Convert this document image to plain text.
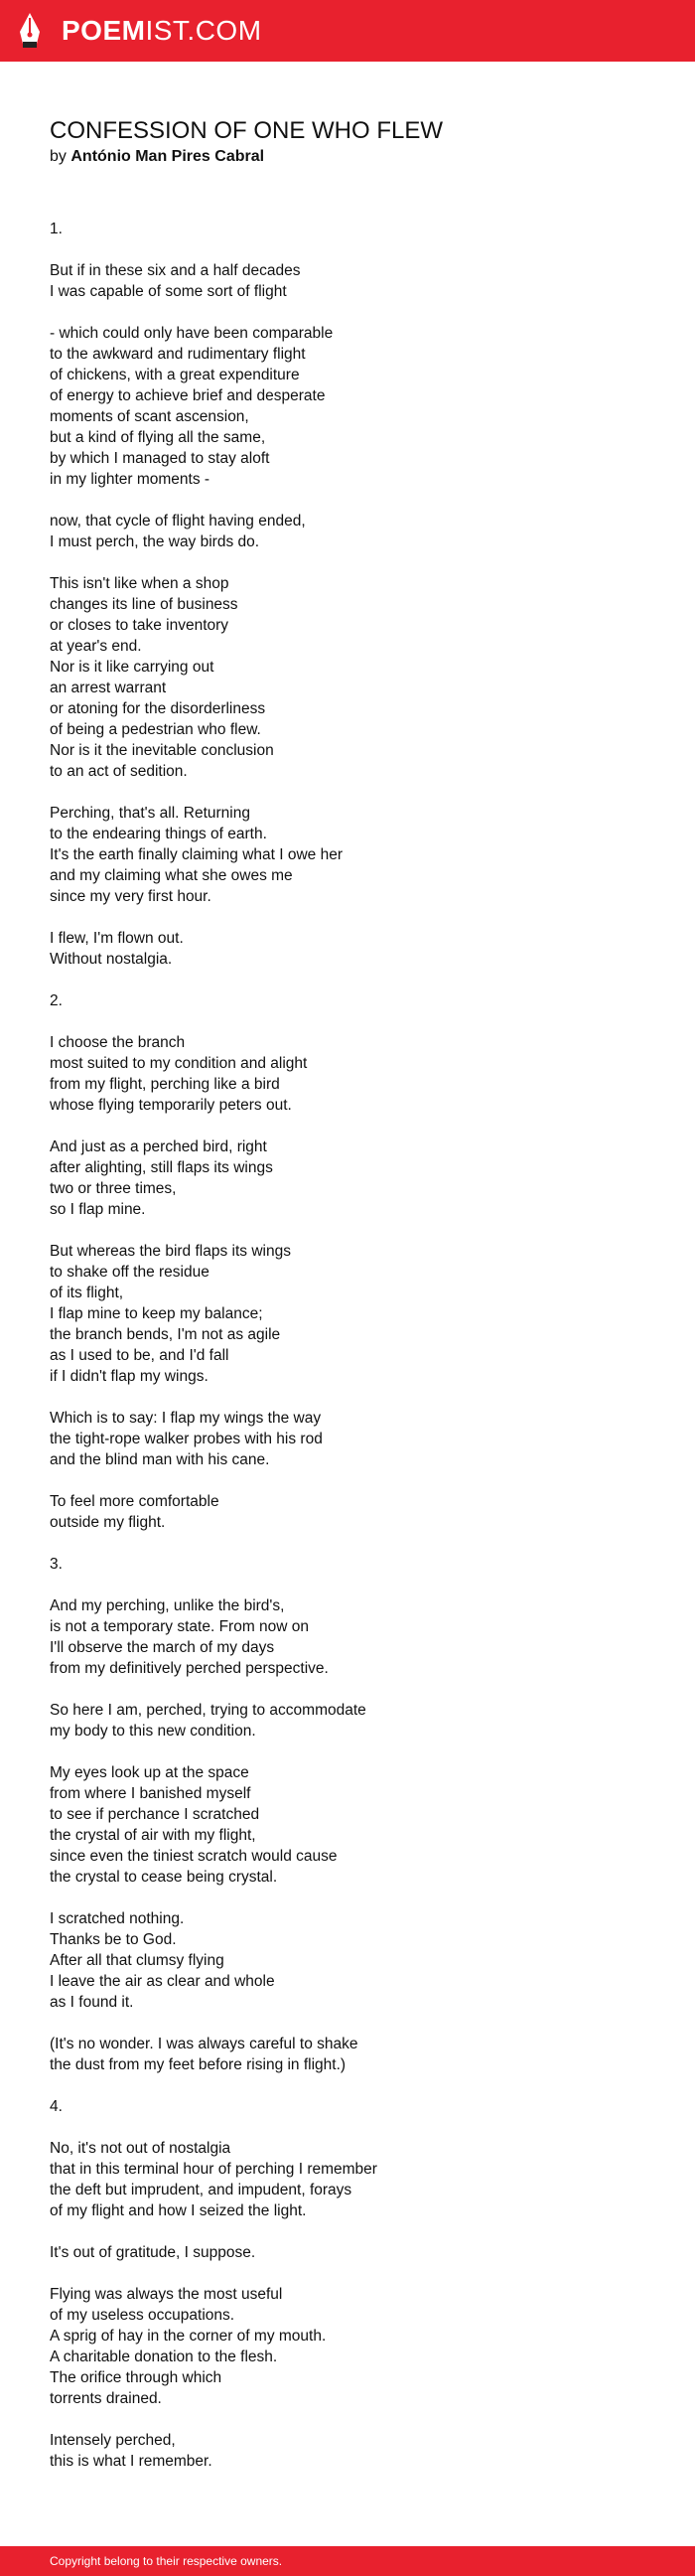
POEMIST.COM
CONFESSION OF ONE WHO FLEW
by António Man Pires Cabral
1.
But if in these six and a half decades
I was capable of some sort of flight
- which could only have been comparable
to the awkward and rudimentary flight
of chickens, with a great expenditure
of energy to achieve brief and desperate
moments of scant ascension,
but a kind of flying all the same,
by which I managed to stay aloft
in my lighter moments -
now, that cycle of flight having ended,
I must perch, the way birds do.
This isn't like when a shop
changes its line of business
or closes to take inventory
at year's end.
Nor is it like carrying out
an arrest warrant
or atoning for the disorderliness
of being a pedestrian who flew.
Nor is it the inevitable conclusion
to an act of sedition.
Perching, that's all. Returning
to the endearing things of earth.
It's the earth finally claiming what I owe her
and my claiming what she owes me
since my very first hour.
I flew, I'm flown out.
Without nostalgia.
2.
I choose the branch
most suited to my condition and alight
from my flight, perching like a bird
whose flying temporarily peters out.
And just as a perched bird, right
after alighting, still flaps its wings
two or three times,
so I flap mine.
But whereas the bird flaps its wings
to shake off the residue
of its flight,
I flap mine to keep my balance;
the branch bends, I'm not as agile
as I used to be, and I'd fall
if I didn't flap my wings.
Which is to say: I flap my wings the way
the tight-rope walker probes with his rod
and the blind man with his cane.
To feel more comfortable
outside my flight.
3.
And my perching, unlike the bird's,
is not a temporary state. From now on
I'll observe the march of my days
from my definitively perched perspective.
So here I am, perched, trying to accommodate
my body to this new condition.
My eyes look up at the space
from where I banished myself
to see if perchance I scratched
the crystal of air with my flight,
since even the tiniest scratch would cause
the crystal to cease being crystal.
I scratched nothing.
Thanks be to God.
After all that clumsy flying
I leave the air as clear and whole
as I found it.
(It's no wonder. I was always careful to shake
the dust from my feet before rising in flight.)
4.
No, it's not out of nostalgia
that in this terminal hour of perching I remember
the deft but imprudent, and impudent, forays
of my flight and how I seized the light.
It's out of gratitude, I suppose.
Flying was always the most useful
of my useless occupations.
A sprig of hay in the corner of my mouth.
A charitable donation to the flesh.
The orifice through which
torrents drained.
Intensely perched,
this is what I remember.
Copyright belong to their respective owners.
